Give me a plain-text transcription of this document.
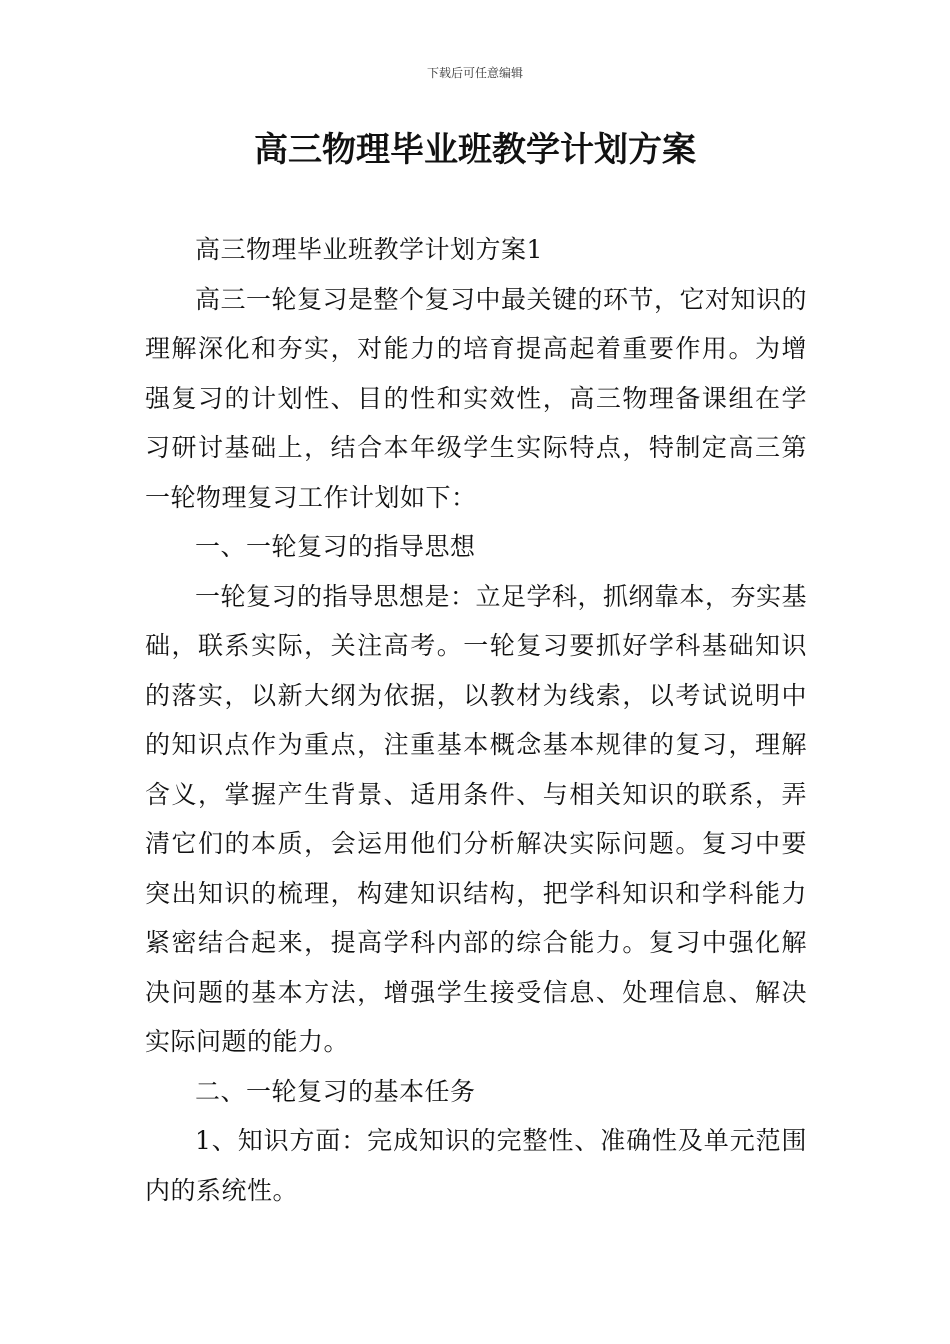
下载后可任意编辑
高三物理毕业班教学计划方案

高三物理毕业班教学计划方案1

高三一轮复习是整个复习中最关键的环节，它对知识的理解深化和夯实，对能力的培育提高起着重要作用。为增强复习的计划性、目的性和实效性，高三物理备课组在学习研讨基础上，结合本年级学生实际特点，特制定高三第一轮物理复习工作计划如下：

一、一轮复习的指导思想

一轮复习的指导思想是：立足学科，抓纲靠本，夯实基础，联系实际，关注高考。一轮复习要抓好学科基础知识的落实，以新大纲为依据，以教材为线索，以考试说明中的知识点作为重点，注重基本概念基本规律的复习，理解含义，掌握产生背景、适用条件、与相关知识的联系，弄清它们的本质，会运用他们分析解决实际问题。复习中要突出知识的梳理，构建知识结构，把学科知识和学科能力紧密结合起来，提高学科内部的综合能力。复习中强化解决问题的基本方法，增强学生接受信息、处理信息、解决实际问题的能力。

二、一轮复习的基本任务

1、知识方面：完成知识的完整性、准确性及单元范围内的系统性。
